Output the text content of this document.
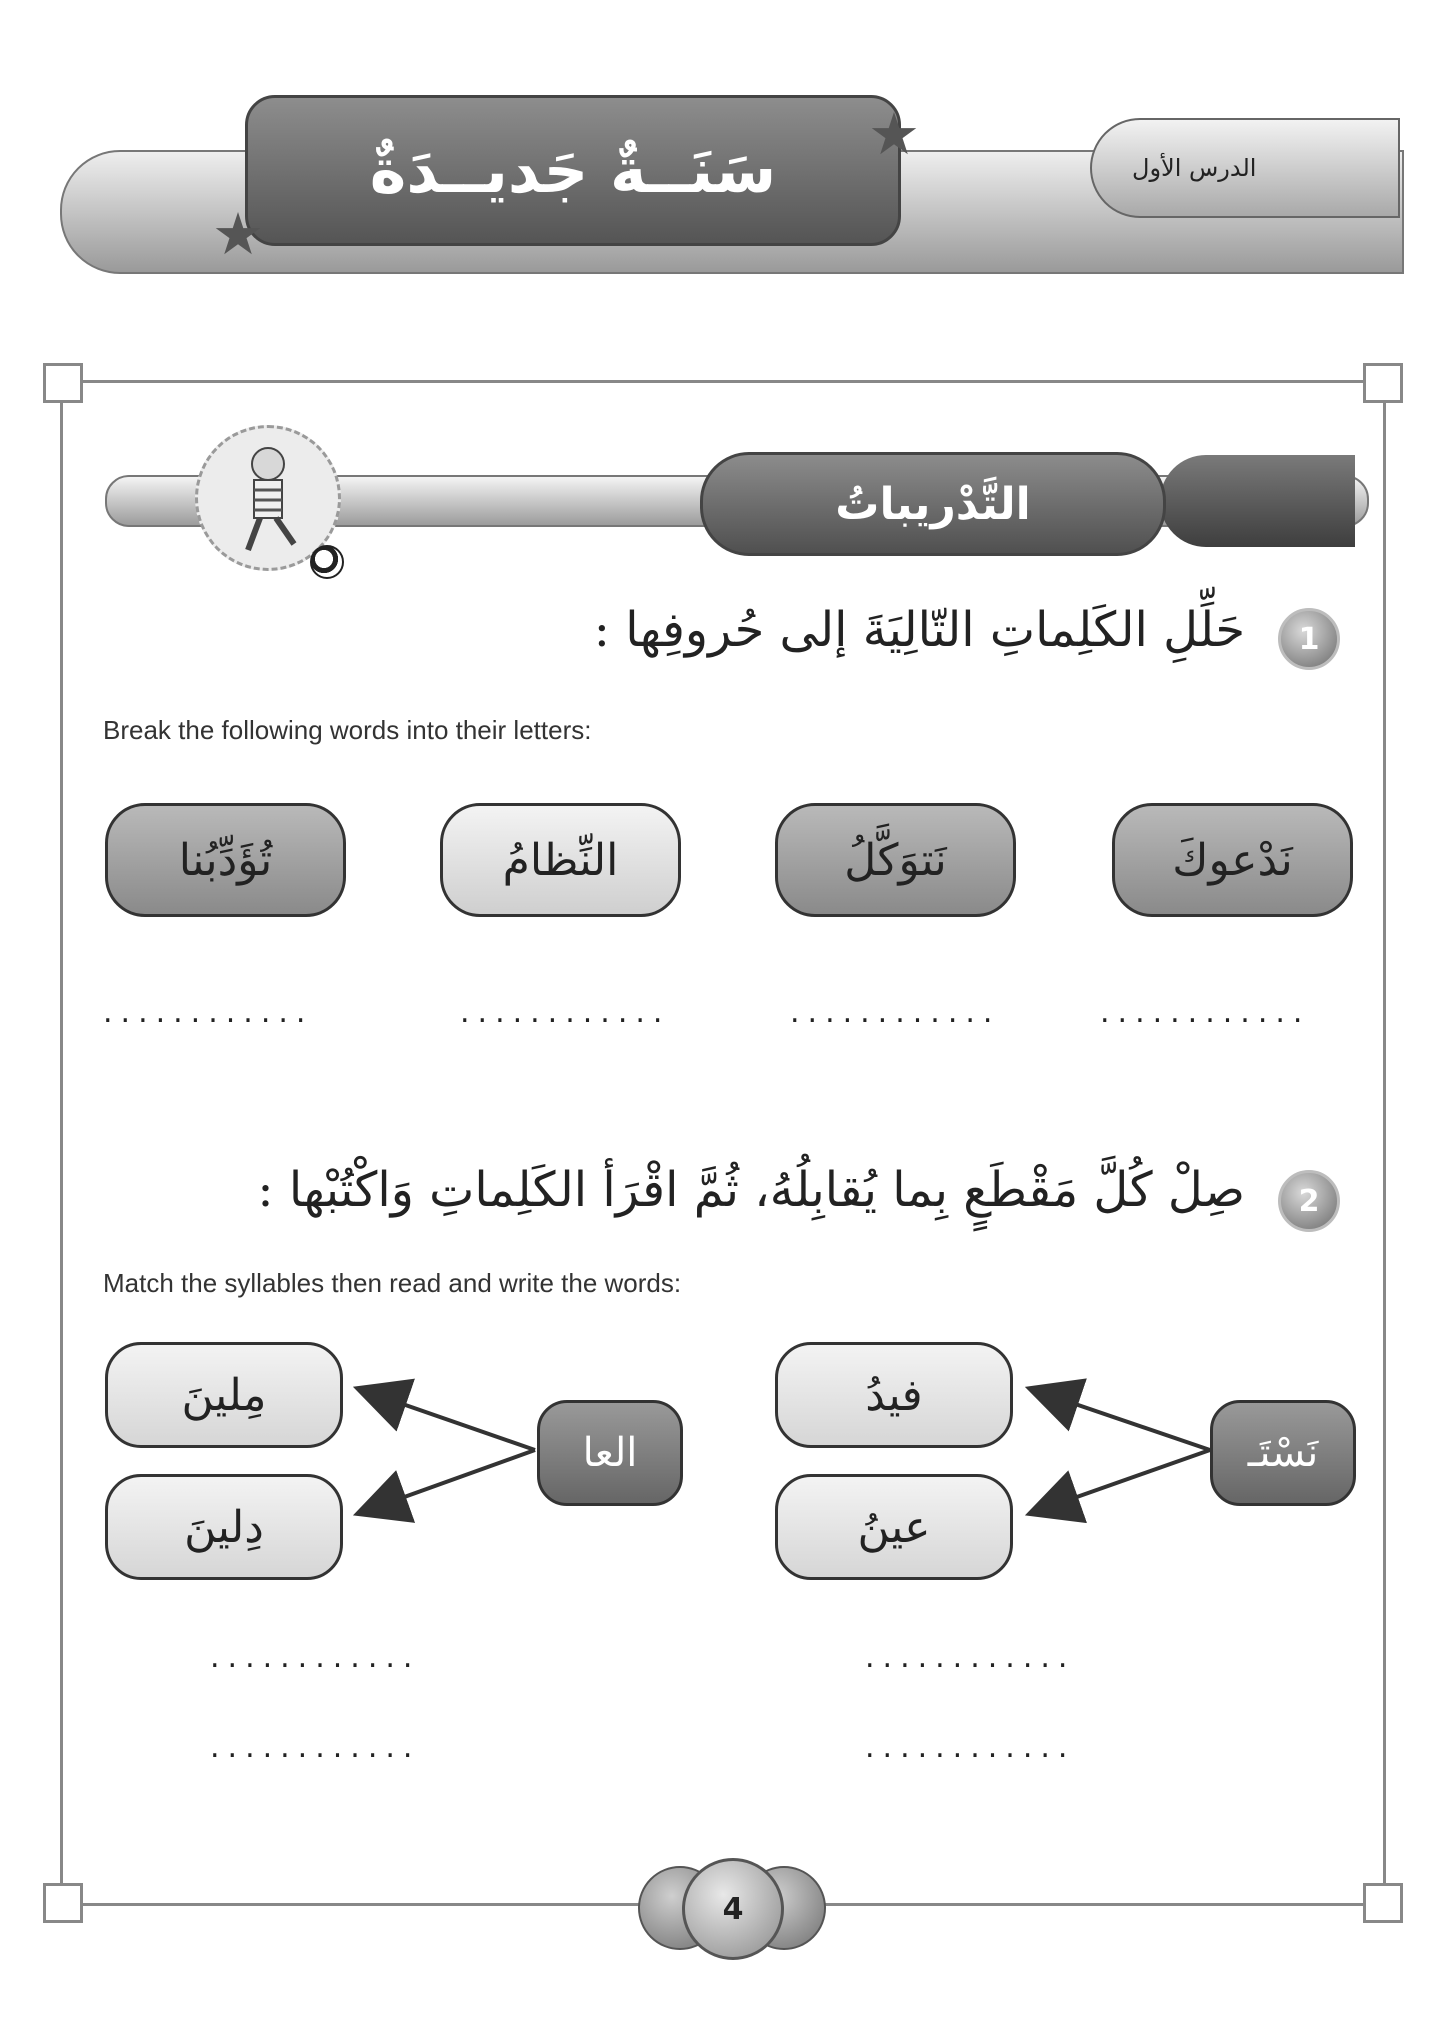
الدرس الأول
سَنَــةٌ جَديــدَةٌ
★
★
التَّدْريباتُ
1
حَلِّلِ الكَلِماتِ التّالِيَةَ إلى حُروفِها :
Break the following words into their letters:
نَدْعوكَ
نَتوَكَّلُ
النِّظامُ
تُؤَدِّبُنا
............
............
............
............
2
صِلْ كُلَّ مَقْطَعٍ بِما يُقابِلُهُ، ثُمَّ اقْرَأ الكَلِماتِ وَاكْتُبْها :
Match the syllables then read and write the words:
نَسْتَـ
فيدُ
عينُ
العا
مِلينَ
دِلينَ
............
............
............
............
4
